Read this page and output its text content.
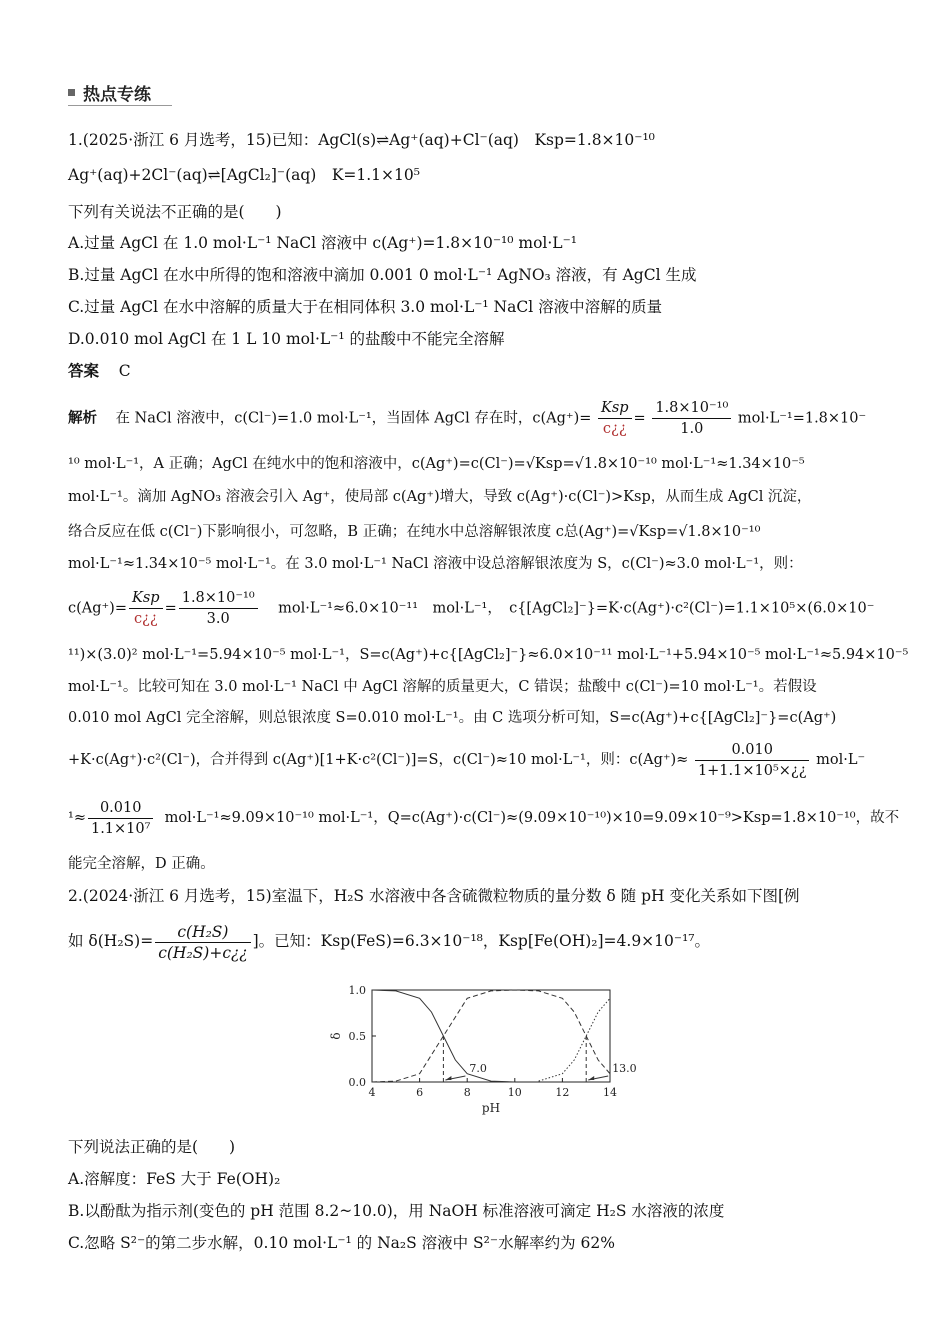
热点专练
1.(2025·浙江 6 月选考，15)已知：AgCl(s)⇌Ag⁺(aq)+Cl⁻(aq)　Ksp=1.8×10⁻¹⁰
Ag⁺(aq)+2Cl⁻(aq)⇌[AgCl₂]⁻(aq)　K=1.1×10⁵
下列有关说法不正确的是(　　)
A.过量 AgCl 在 1.0 mol·L⁻¹ NaCl 溶液中 c(Ag⁺)=1.8×10⁻¹⁰ mol·L⁻¹
B.过量 AgCl 在水中所得的饱和溶液中滴加 0.001 0 mol·L⁻¹ AgNO₃ 溶液，有 AgCl 生成
C.过量 AgCl 在水中溶解的质量大于在相同体积 3.0 mol·L⁻¹ NaCl 溶液中溶解的质量
D.0.010 mol AgCl 在 1 L 10 mol·L⁻¹ 的盐酸中不能完全溶解
答案 C
解析 在 NaCl 溶液中，c(Cl⁻)=1.0 mol·L⁻¹，当固体 AgCl 存在时，$c(Ag^+)= \frac{\text{Ksp}}{c¿¿} = \frac{\text{1.8×10⁻¹⁰}}{1.0} mol\cdot L^{-1}=1.8\times 10^-$
¹⁰ mol·L⁻¹，A 正确；AgCl 在纯水中的饱和溶液中，c(Ag⁺)=c(Cl⁻)=√Ksp=√1.8×10⁻¹⁰ mol·L⁻¹≈1.34×10⁻⁵
mol·L⁻¹。滴加 AgNO₃ 溶液会引入 Ag⁺，使局部 c(Ag⁺)增大，导致 c(Ag⁺)·c(Cl⁻)>Ksp，从而生成 AgCl 沉淀，
络合反应在低 c(Cl⁻)下影响很小，可忽略，B 正确；在纯水中总溶解银浓度 c总(Ag⁺)=√Ksp=√1.8×10⁻¹⁰
mol·L⁻¹≈1.34×10⁻⁵ mol·L⁻¹。在 3.0 mol·L⁻¹ NaCl 溶液中设总溶解银浓度为 S，c(Cl⁻)≈3.0 mol·L⁻¹，则：
$c(Ag^+)= \frac{\text{Ksp}}{c¿¿} = \frac{\text{1.8×10⁻¹⁰}}{3.0} mol\cdot L^{-1}\approx 6.0\times 10^{-11}$　mol·L⁻¹，　c{[AgCl₂]⁻}=K·c(Ag⁺)·c²(Cl⁻)=1.1×10⁵×(6.0×10⁻
¹¹)×(3.0)² mol·L⁻¹=5.94×10⁻⁵ mol·L⁻¹，S=c(Ag⁺)+c{[AgCl₂]⁻}≈6.0×10⁻¹¹ mol·L⁻¹+5.94×10⁻⁵ mol·L⁻¹≈5.94×10⁻⁵
mol·L⁻¹。比较可知在 3.0 mol·L⁻¹ NaCl 中 AgCl 溶解的质量更大，C 错误；盐酸中 c(Cl⁻)=10 mol·L⁻¹。若假设
0.010 mol AgCl 完全溶解，则总银浓度 S=0.010 mol·L⁻¹。由 C 选项分析可知，S=c(Ag⁺)+c{[AgCl₂]⁻}=c(Ag⁺)
+K·c(Ag⁺)·c²(Cl⁻)，合并得到 c(Ag⁺)[1+K·c²(Cl⁻)]=S，c(Cl⁻)≈10 mol·L⁻¹，则：$c(Ag^+)\approx \frac{0.010}{\text{1+1.1×10⁵×¿¿}} mol\cdot L^-$
$^1\approx \frac{0.010}{\text{1.1×10⁷}} mol\cdot L^{-1}\approx 9.09\times 10^{-10}$ mol·L⁻¹，Q=c(Ag⁺)·c(Cl⁻)≈(9.09×10⁻¹⁰)×10=9.09×10⁻⁹>Ksp=1.8×10⁻¹⁰，故不
能完全溶解，D 正确。
2.(2024·浙江 6 月选考，15)室温下，H₂S 水溶液中各含硫微粒物质的量分数 δ 随 pH 变化关系如下图[例
如 $\delta(H_2S)= \frac{\text{c(H₂S)}}{\text{c(H₂S)+c¿¿}}$ ]。已知：Ksp(FeS)=6.3×10⁻¹⁸，Ksp[Fe(OH)₂]=4.9×10⁻¹⁷。
4	6	8	10	12	14
0.0
0.5
1.0
pH
δ
7.0	13.0
下列说法正确的是(　　)
A.溶解度：FeS 大于 Fe(OH)₂
B.以酚酞为指示剂(变色的 pH 范围 8.2~10.0)，用 NaOH 标准溶液可滴定 H₂S 水溶液的浓度
C.忽略 S²⁻的第二步水解，0.10 mol·L⁻¹ 的 Na₂S 溶液中 S²⁻水解率约为 62%
